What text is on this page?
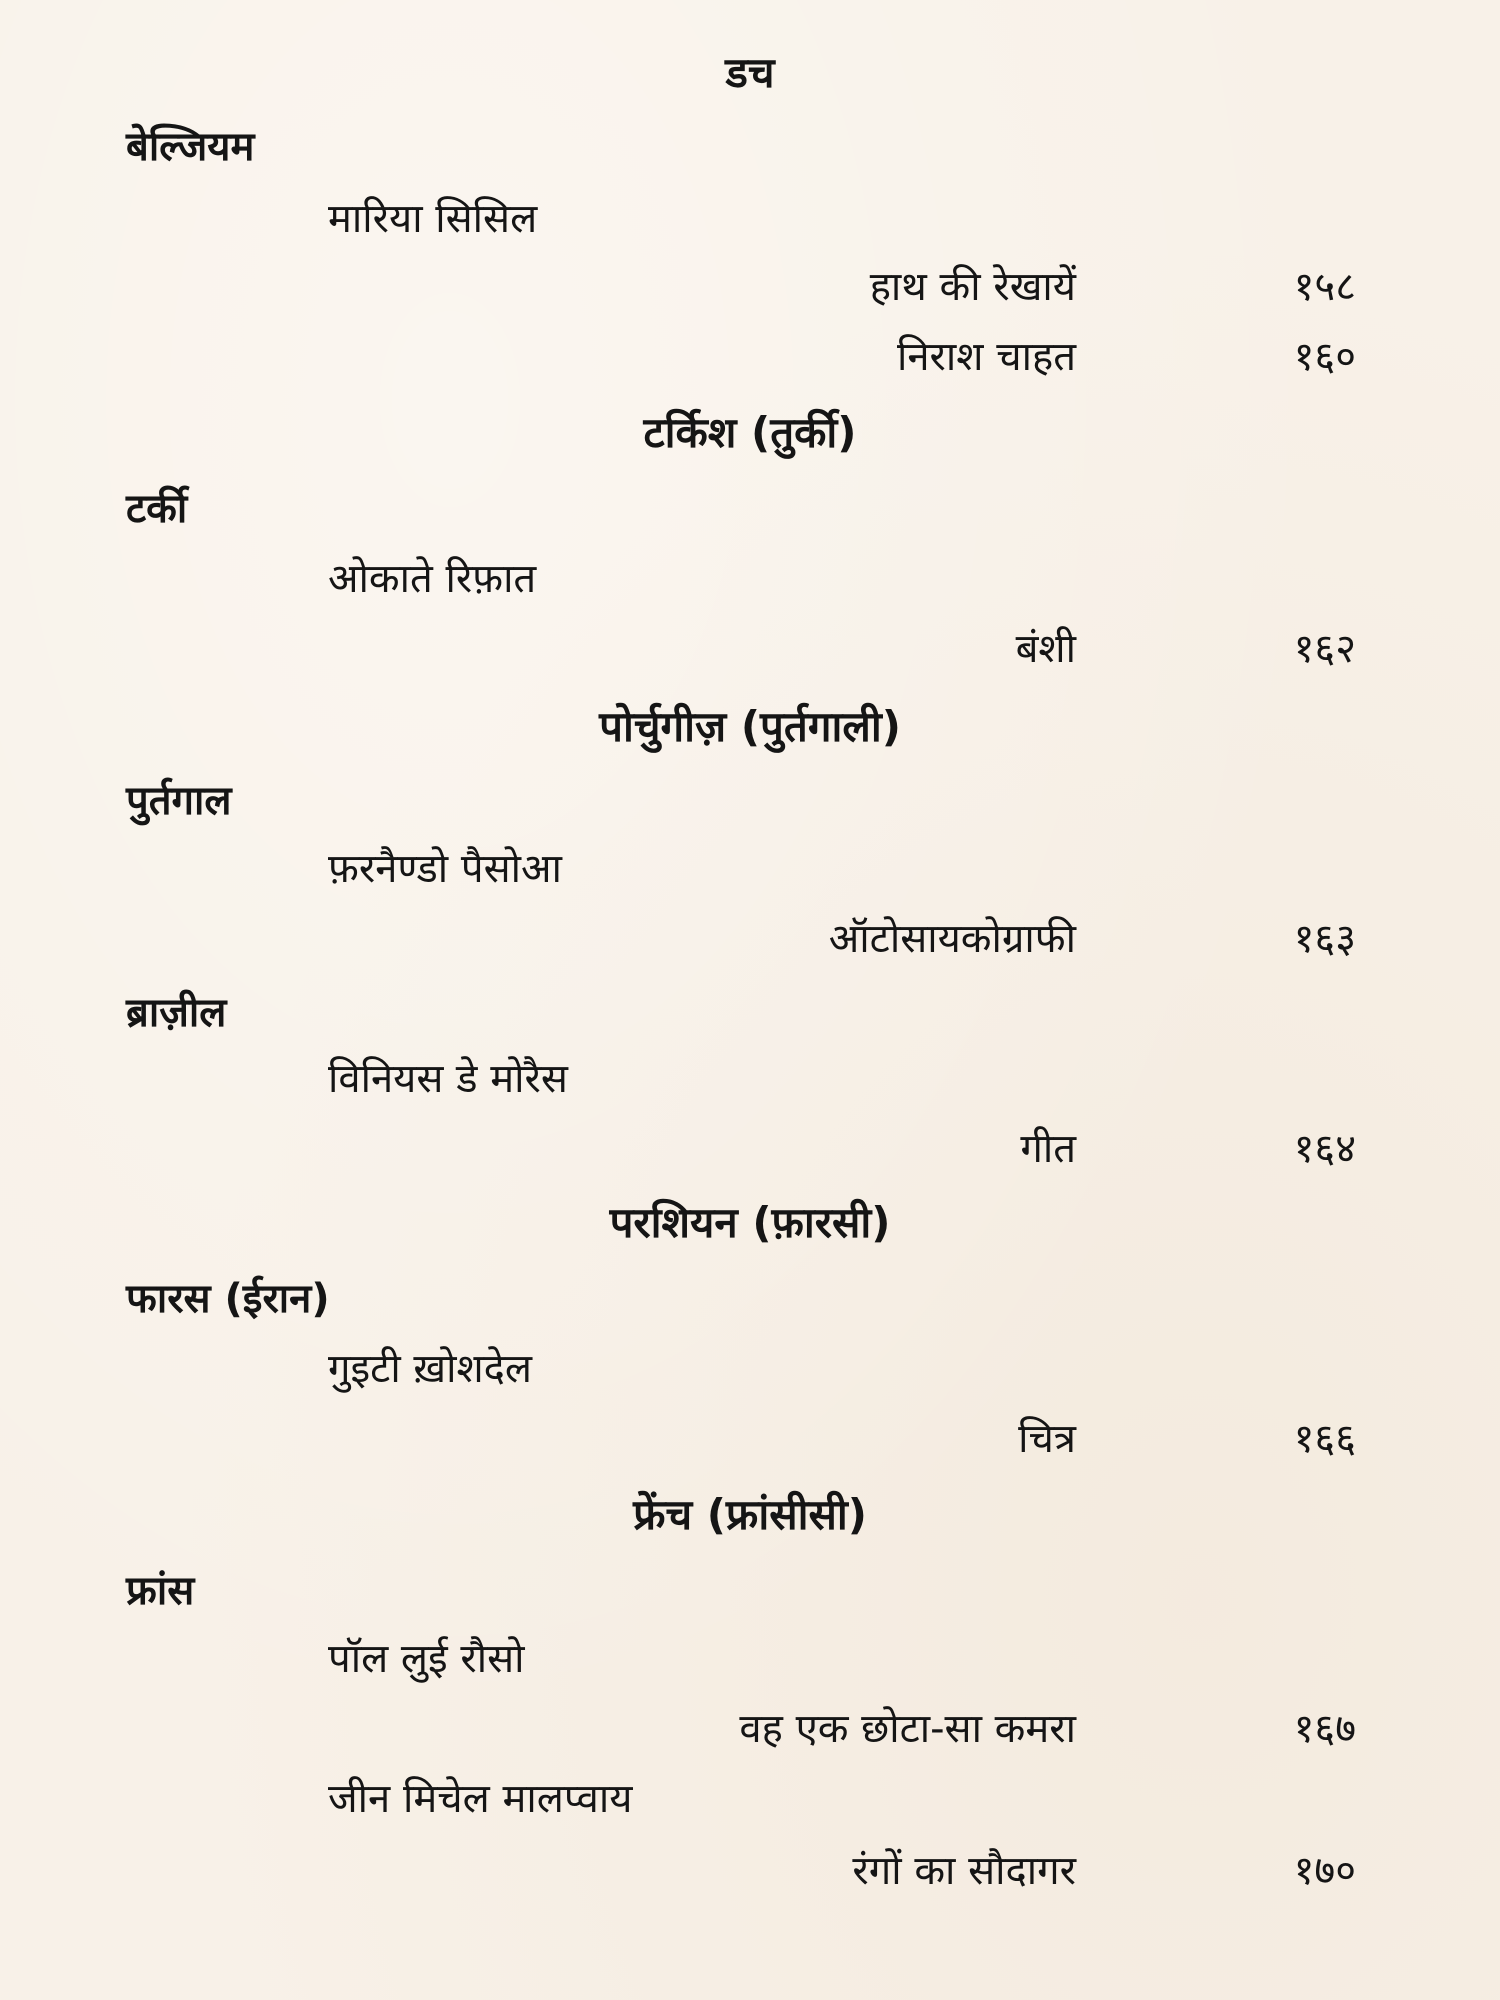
डच
बेल्जियम
मारिया सिसिल
हाथ की रेखायें	१५८
निराश चाहत	१६०
टर्किश (तुर्की)
टर्की
ओकाते रिफ़ात
बंशी	१६२
पोर्चुगीज़ (पुर्तगाली)
पुर्तगाल
फ़रनैण्डो पैसोआ
ऑटोसायकोग्राफी	१६३
ब्राज़ील
विनियस डे मोरैस
गीत	१६४
परशियन (फ़ारसी)
फारस (ईरान)
गुइटी ख़ोशदेल
चित्र	१६६
फ्रेंच (फ्रांसीसी)
फ्रांस
पॉल लुई रौसो
वह एक छोटा-सा कमरा	१६७
जीन मिचेल मालप्वाय
रंगों का सौदागर	१७०
